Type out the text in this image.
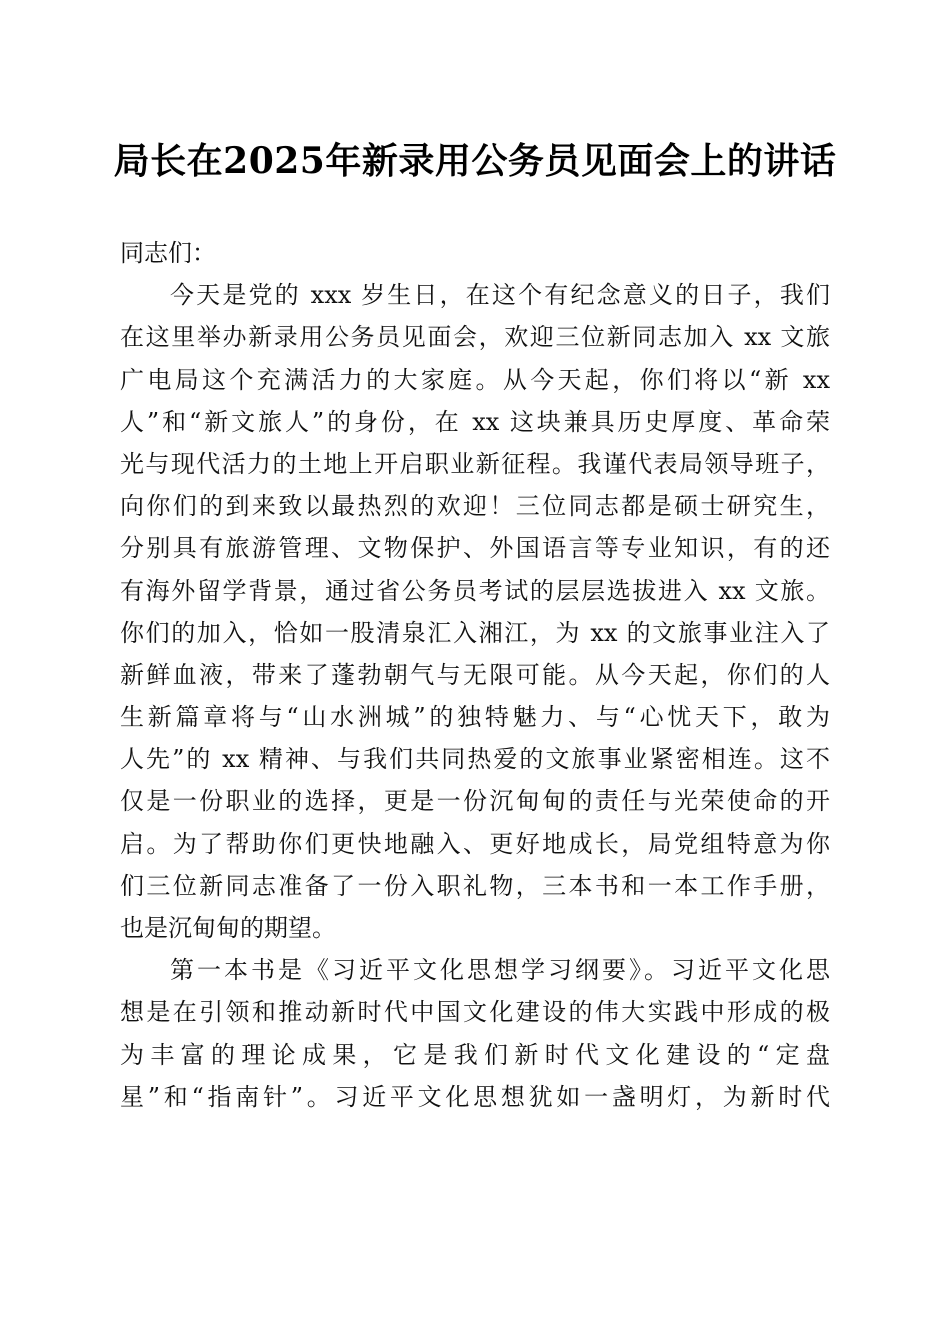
局长在2025年新录用公务员见面会上的讲话
同志们：
今天是党的 xxx 岁生日，在这个有纪念意义的日子，我们
在这里举办新录用公务员见面会，欢迎三位新同志加入 xx 文旅
广电局这个充满活力的大家庭。从今天起，你们将以“新 xx
人”和“新文旅人”的身份，在 xx 这块兼具历史厚度、革命荣
光与现代活力的土地上开启职业新征程。我谨代表局领导班子，
向你们的到来致以最热烈的欢迎！三位同志都是硕士研究生，
分别具有旅游管理、文物保护、外国语言等专业知识，有的还
有海外留学背景，通过省公务员考试的层层选拔进入 xx 文旅。
你们的加入，恰如一股清泉汇入湘江，为 xx 的文旅事业注入了
新鲜血液，带来了蓬勃朝气与无限可能。从今天起，你们的人
生新篇章将与“山水洲城”的独特魅力、与“心忧天下，敢为
人先”的 xx 精神、与我们共同热爱的文旅事业紧密相连。这不
仅是一份职业的选择，更是一份沉甸甸的责任与光荣使命的开
启。为了帮助你们更快地融入、更好地成长，局党组特意为你
们三位新同志准备了一份入职礼物，三本书和一本工作手册，
也是沉甸甸的期望。
第一本书是《习近平文化思想学习纲要》。习近平文化思
想是在引领和推动新时代中国文化建设的伟大实践中形成的极
为丰富的理论成果，它是我们新时代文化建设的“定盘
星”和“指南针”。习近平文化思想犹如一盏明灯，为新时代
